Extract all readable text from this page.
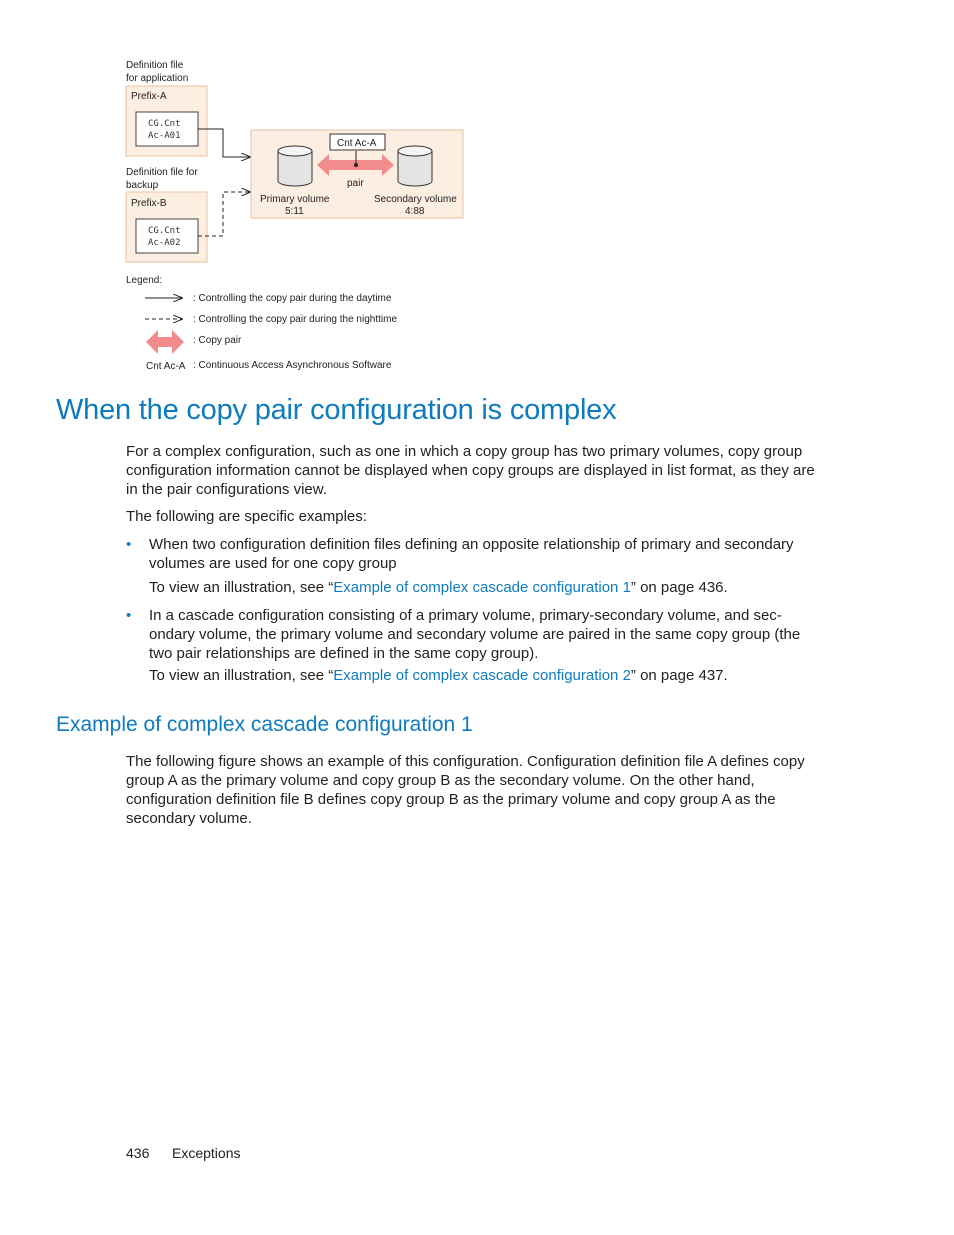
Definition file
for application
Prefix-A
CG.Cnt
Ac-A01
Definition file for
backup
Prefix-B
CG.Cnt
Ac-A02
Cnt Ac-A
pair
Primary volume
5:11
Secondary volume
4:88
Legend:
: Controlling the copy pair during the daytime
: Controlling the copy pair during the nighttime
: Copy pair
Cnt Ac-A : Continuous Access Asynchronous Software
When the copy pair configuration is complex

For a complex configuration, such as one in which a copy group has two primary volumes, copy group configuration information cannot be displayed when copy groups are displayed in list format, as they are in the pair configurations view.

The following are specific examples:

• When two configuration definition files defining an opposite relationship of primary and secondary volumes are used for one copy group

To view an illustration, see “Example of complex cascade configuration 1” on page 436.

• In a cascade configuration consisting of a primary volume, primary-secondary volume, and sec-ondary volume, the primary volume and secondary volume are paired in the same copy group (the two pair relationships are defined in the same copy group).

To view an illustration, see “Example of complex cascade configuration 2” on page 437.

Example of complex cascade configuration 1

The following figure shows an example of this configuration. Configuration definition file A defines copy group A as the primary volume and copy group B as the secondary volume. On the other hand, configuration definition file B defines copy group B as the primary volume and copy group A as the secondary volume.

436 Exceptions
